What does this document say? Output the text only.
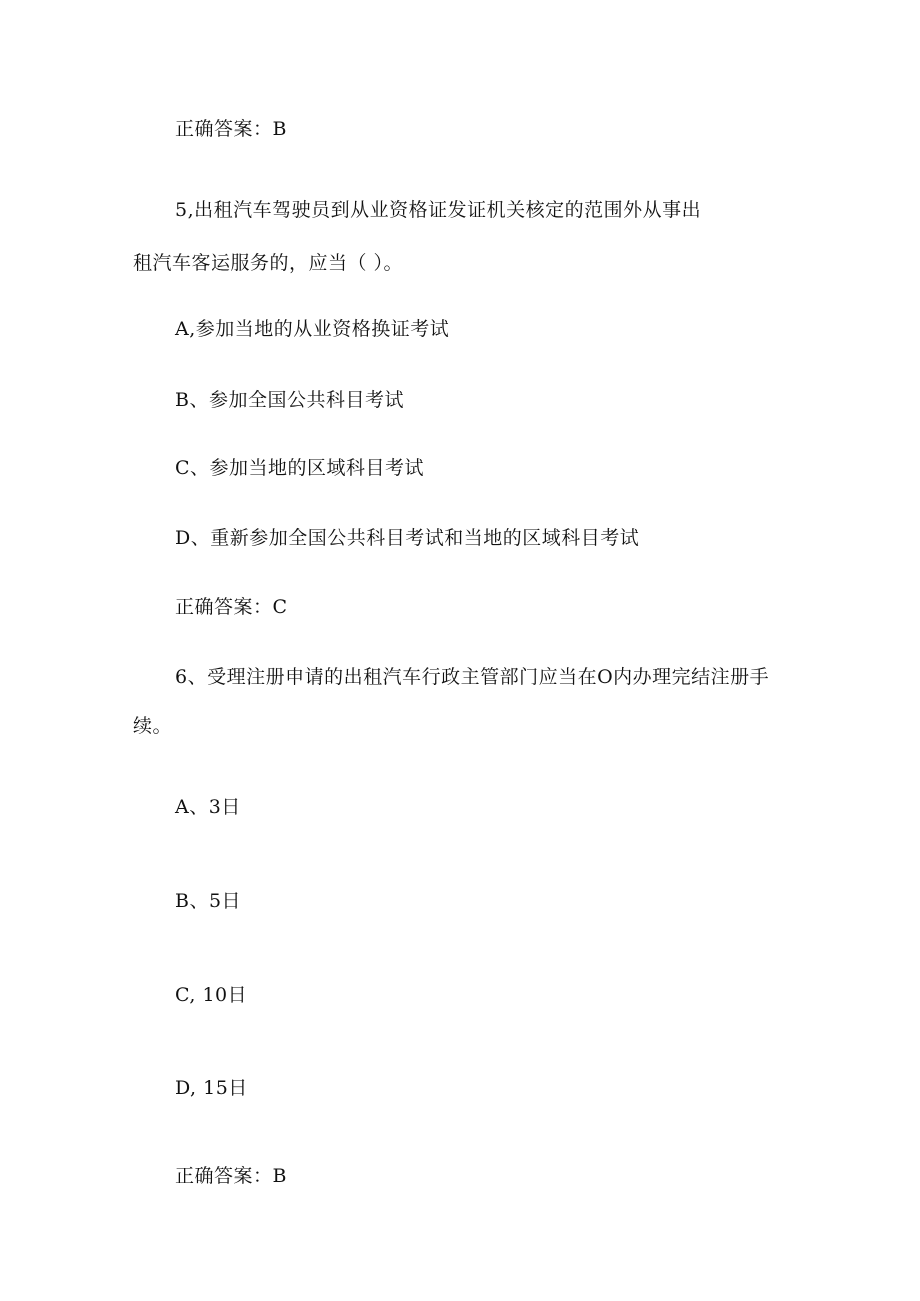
正确答案：B
5,出租汽车驾驶员到从业资格证发证机关核定的范围外从事出
租汽车客运服务的，应当（ ）。
A,参加当地的从业资格换证考试
B、参加全国公共科目考试
C、参加当地的区域科目考试
D、重新参加全国公共科目考试和当地的区域科目考试
正确答案：C
6、受理注册申请的出租汽车行政主管部门应当在O内办理完结注册手
续。
A、3日
B、5日
C, 10日
D, 15日
正确答案：B
